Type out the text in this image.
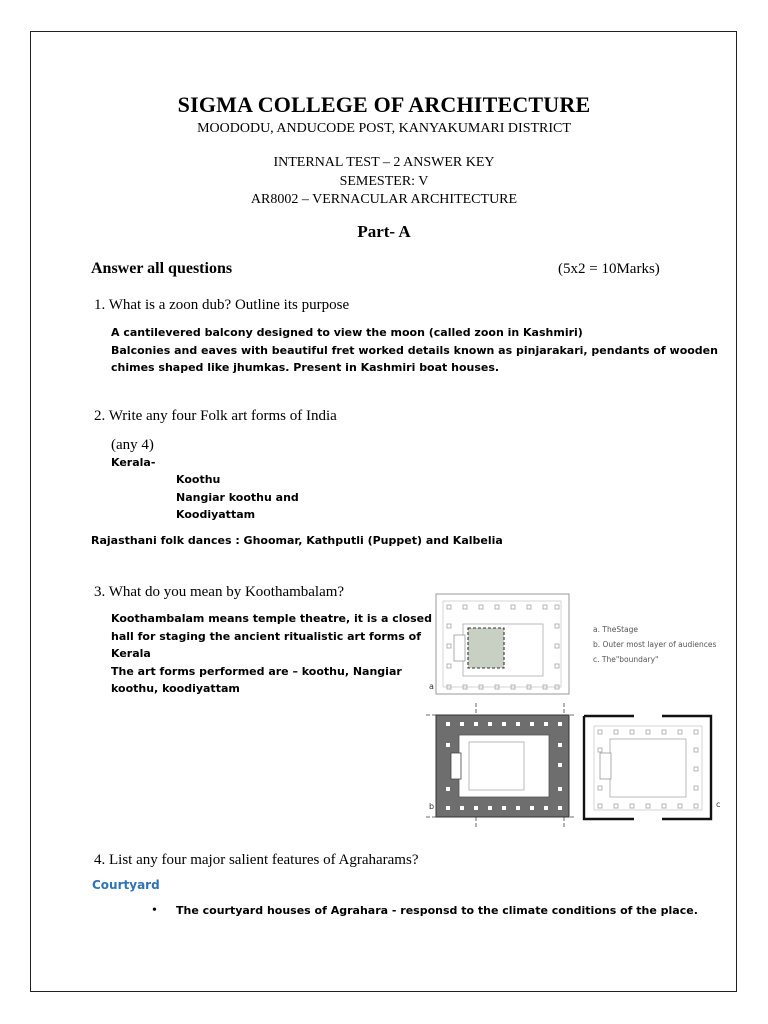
SIGMA COLLEGE OF ARCHITECTURE
MOODODU, ANDUCODE POST, KANYAKUMARI DISTRICT
INTERNAL TEST – 2 ANSWER KEY
SEMESTER: V
AR8002 – VERNACULAR ARCHITECTURE
Part- A
Answer all questions	(5x2 = 10Marks)
1. What is a zoon dub? Outline its purpose
A cantilevered balcony designed to view the moon (called zoon in Kashmiri)
Balconies and eaves with beautiful fret worked details known as pinjarakari, pendants of wooden
chimes shaped like jhumkas. Present in Kashmiri boat houses.
2. Write any four Folk art forms of India
(any 4)
Kerala-
Koothu
Nangiar koothu and
Koodiyattam
Rajasthani folk dances : Ghoomar, Kathputli (Puppet) and Kalbelia
3. What do you mean by Koothambalam?
Koothambalam means temple theatre, it is a closed
hall for staging the ancient ritualistic art forms of
Kerala
The art forms performed are – koothu, Nangiar
koothu, koodiyattam	a
a. TheStage
b. Outer most layer of audiences
c. The"boundary"
b	c
4. List any four major salient features of Agraharams?
Courtyard
• The courtyard houses of Agrahara - responsd to the climate conditions of the place.
